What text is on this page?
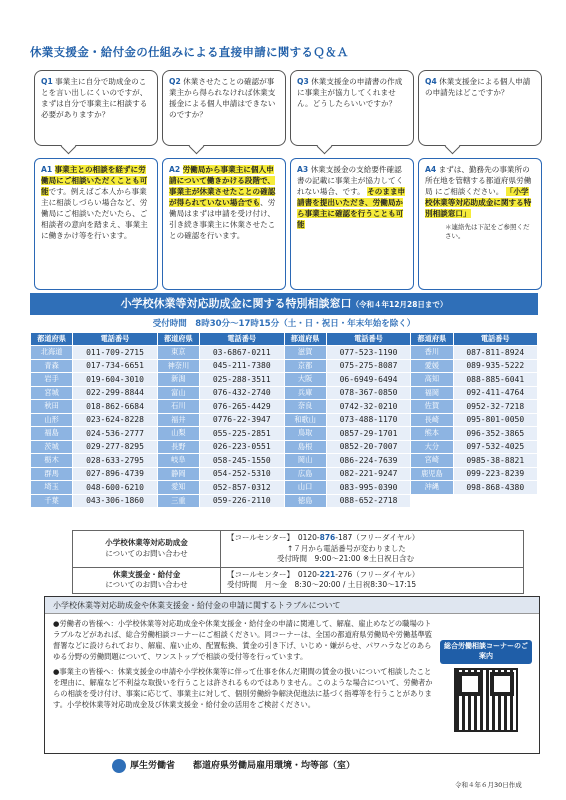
休業支援金・給付金の仕組みによる直接申請に関するＱ＆Ａ
Q1 事業主に自分で助成金のことを言い出しにくいのですが、まずは自分で事業主に相談する必要がありますか？
A1 事業主との相談を経ずに労働局にご相談いただくことも可能です。例えばご本人から事業主に相談しづらい場合など、労働局にご相談いただいたら、ご相談者の意向を踏まえ、事業主に働きかけ等を行います。
Q2 休業させたことの確認が事業主から得られなければ休業支援金による個人申請はできないのですか？
A2 労働局から事業主に個人申請について働きかける段階で、事業主が休業させたことの確認が得られていない場合でも、労働局はまずは申請を受け付け、引き続き事業主に休業させたことの確認を行います。
Q3 休業支援金の申請書の作成に事業主が協力してくれません。どうしたらいいですか？
A3 休業支援金の支給要件確認書の記載に事業主が協力してくれない場合、です。 そのまま申請書を提出いただき、労働局から事業主に確認を行うことも可能
Q4 休業支援金による個人申請の申請先はどこですか？
A4 まずは、勤務先の事業所の所在地を管轄する都道府県労働局 にご相談ください。 「小学校休業等対応助成金に関する特別相談窓口」
＊連絡先は下記をご参照ください。
小学校休業等対応助成金に関する特別相談窓口（令和４年12月28日まで）
受付時間　8時30分～17時15分（土・日・祝日・年末年始を除く）
都道府県	電話番号	都道府県	電話番号	都道府県	電話番号	都道府県	電話番号
北海道	011-709-2715	東京	03-6867-0211	滋賀	077-523-1190	香川	087-811-8924
青森	017-734-6651	神奈川	045-211-7380	京都	075-275-8087	愛媛	089-935-5222
岩手	019-604-3010	新潟	025-288-3511	大阪	06-6949-6494	高知	088-885-6041
宮城	022-299-8844	富山	076-432-2740	兵庫	078-367-0850	福岡	092-411-4764
秋田	018-862-6684	石川	076-265-4429	奈良	0742-32-0210	佐賀	0952-32-7218
山形	023-624-8228	福井	0776-22-3947	和歌山	073-488-1170	長崎	095-801-0050
福島	024-536-2777	山梨	055-225-2851	鳥取	0857-29-1701	熊本	096-352-3865
茨城	029-277-8295	長野	026-223-0551	島根	0852-20-7007	大分	097-532-4025
栃木	028-633-2795	岐阜	058-245-1550	岡山	086-224-7639	宮崎	0985-38-8821
群馬	027-896-4739	静岡	054-252-5310	広島	082-221-9247	鹿児島	099-223-8239
埼玉	048-600-6210	愛知	052-857-0312	山口	083-995-0390	沖縄	098-868-4380
千葉	043-306-1860	三重	059-226-2110	徳島	088-652-2718		
小学校休業等対応助成金
についてのお問い合わせ	【コールセンター】　 0120-876-187（フリーダイヤル）
↑７月から電話番号が変わりました
受付時間　9:00～21:00 ※土日祝日含む
休業支援金・給付金
についてのお問い合わせ	【コールセンター】　 0120-221-276（フリーダイヤル）
受付時間　月～金　8:30～20:00 / 土日祝8:30～17:15
小学校休業等対応助成金や休業支援金・給付金の申請に関するトラブルについて

●労働者の皆様へ：小学校休業等対応助成金や休業支援金・給付金の申請に関連して、解雇、雇止めなどの職場のトラブルなどがあれば、総合労働相談コーナーにご相談ください。同コーナーは、全国の都道府県労働局や労働基準監督署などに設けられており、解雇、雇い止め、配置転換、賃金の引き下げ、いじめ・嫌がらせ、パワハラなどのあらゆる分野の労働問題について、ワンストップで相談の受付等を行っています。

●事業主の皆様へ：休業支援金の申請や小学校休業等に伴って仕事を休んだ期間の賃金の扱いについて相談したことを理由に、解雇など不利益な取扱いを行うことは許されるものではありません。このような場合について、労働者からの相談を受け付け、事案に応じて、事業主に対して、個別労働紛争解決促進法に基づく指導等を行うことがあります。小学校休業等対応助成金及び休業支援金・給付金の活用をご検討ください。

総合労働相談コーナーのご案内
厚生労働省　　 都道府県労働局雇用環境・均等部（室）
令和４年６月30日作成
